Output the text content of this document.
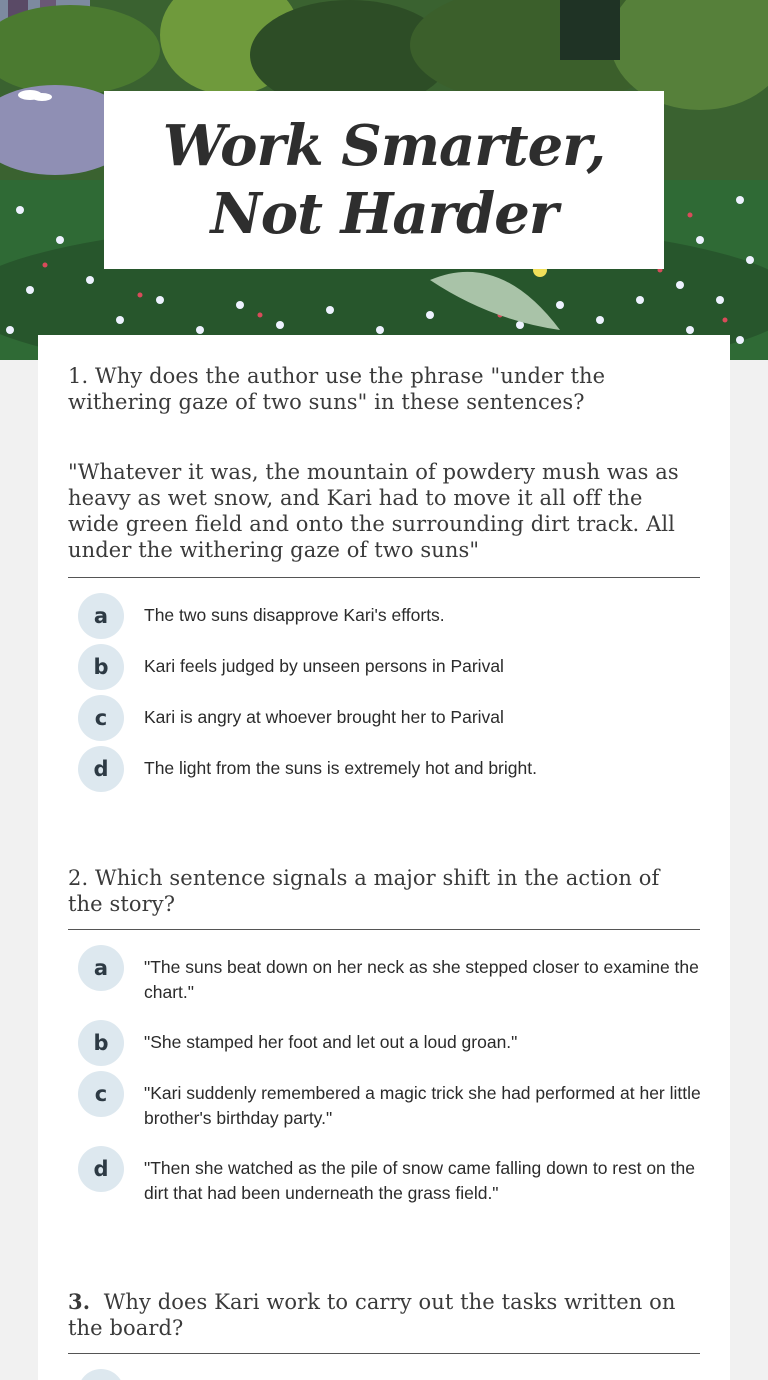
Work Smarter, Not Harder

1. Why does the author use the phrase "under the withering gaze of two suns" in these sentences?

"Whatever it was, the mountain of powdery mush was as heavy as wet snow, and Kari had to move it all off the wide green field and onto the surrounding dirt track. All under the withering gaze of two suns"

a	The two suns disapprove Kari's efforts.
b	Kari feels judged by unseen persons in Parival
c	Kari is angry at whoever brought her to Parival
d	The light from the suns is extremely hot and bright.

2. Which sentence signals a major shift in the action of the story?

a	"The suns beat down on her neck as she stepped closer to examine the chart."
b	"She stamped her foot and let out a loud groan."
c	"Kari suddenly remembered a magic trick she had performed at her little brother's birthday party."
d	"Then she watched as the pile of snow came falling down to rest on the dirt that had been underneath the grass field."

3. Why does Kari work to carry out the tasks written on the board?
